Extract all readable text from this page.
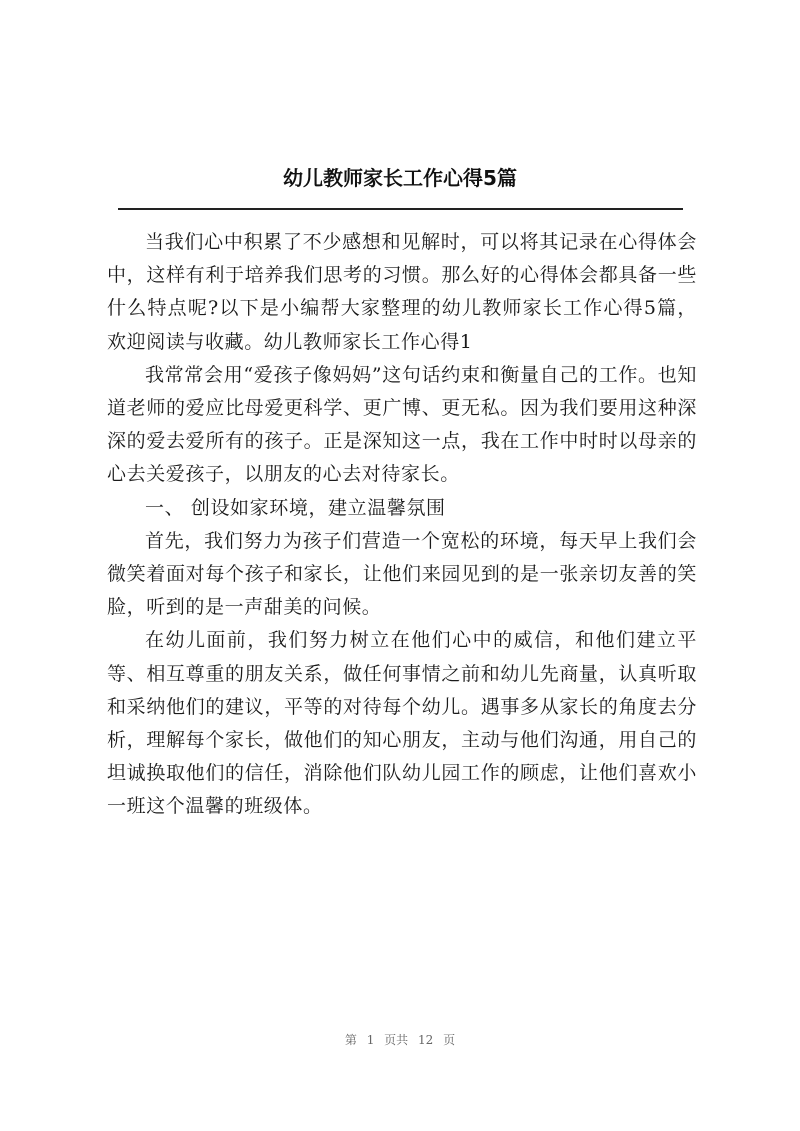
幼儿教师家长工作心得5篇

当我们心中积累了不少感想和见解时，可以将其记录在心得体会中，这样有利于培养我们思考的习惯。那么好的心得体会都具备一些什么特点呢?以下是小编帮大家整理的幼儿教师家长工作心得5篇，欢迎阅读与收藏。幼儿教师家长工作心得1

我常常会用“爱孩子像妈妈”这句话约束和衡量自己的工作。也知道老师的爱应比母爱更科学、更广博、更无私。因为我们要用这种深深的爱去爱所有的孩子。正是深知这一点，我在工作中时时以母亲的心去关爱孩子，以朋友的心去对待家长。

一、 创设如家环境，建立温馨氛围

首先，我们努力为孩子们营造一个宽松的环境，每天早上我们会微笑着面对每个孩子和家长，让他们来园见到的是一张亲切友善的笑脸，听到的是一声甜美的问候。

在幼儿面前，我们努力树立在他们心中的威信，和他们建立平等、相互尊重的朋友关系，做任何事情之前和幼儿先商量，认真听取和采纳他们的建议，平等的对待每个幼儿。遇事多从家长的角度去分析，理解每个家长，做他们的知心朋友，主动与他们沟通，用自己的坦诚换取他们的信任，消除他们队幼儿园工作的顾虑，让他们喜欢小一班这个温馨的班级体。

第 1 页共 12 页
